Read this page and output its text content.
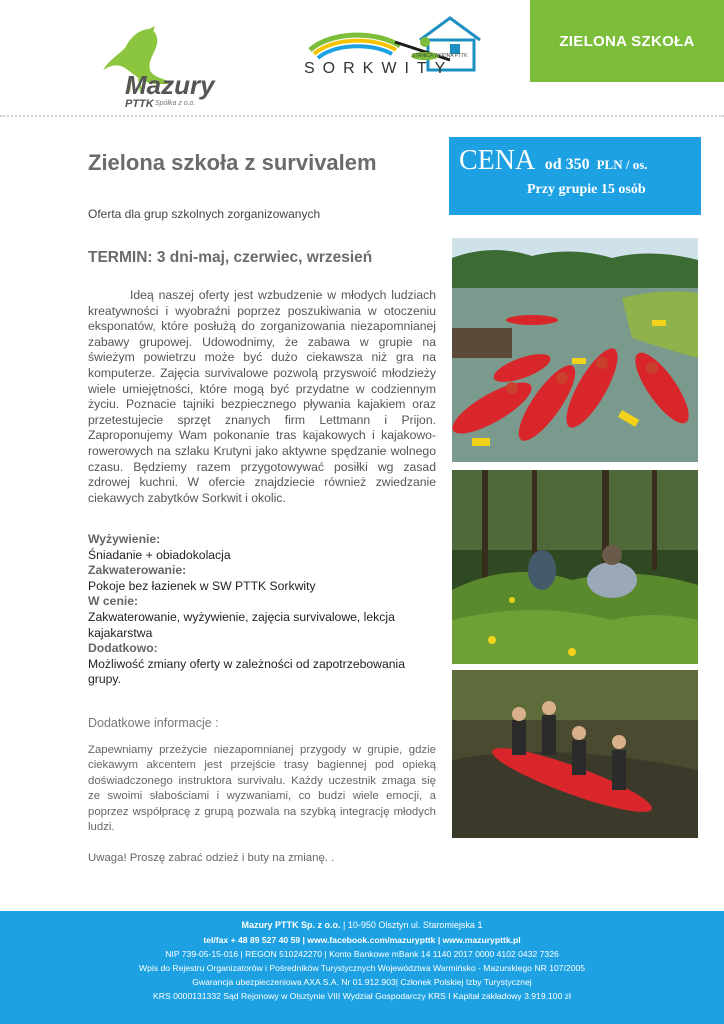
Mazury
PTTK Spółka z o.o.
STANICA WODNA PTTK
SORKWITY
ZIELONA SZKOŁA
Zielona szkoła z survivalem
Oferta dla grup szkolnych zorganizowanych
TERMIN: 3 dni-maj, czerwiec, wrzesień
CENA od 350 PLN / os.
Przy grupie 15 osób
Ideą naszej oferty jest wzbudzenie w młodych ludziach kreatywności i wyobraźni poprzez poszukiwania w otoczeniu eksponatów, które posłużą do zorganizowania niezapomnianej zabawy grupowej. Udowodnimy, że zabawa w grupie na świeżym powietrzu może być dużo ciekawsza niż gra na komputerze. Zajęcia survivalowe pozwolą przyswoić młodzieży wiele umiejętności, które mogą być przydatne w codziennym życiu. Poznacie tajniki bezpiecznego pływania kajakiem oraz przetestujecie sprzęt znanych firm Lettmann i Prijon. Zaproponujemy Wam pokonanie tras kajakowych i kajakowo-rowerowych na szlaku Krutyni jako aktywne spędzanie wolnego czasu. Będziemy razem przygotowywać posiłki wg zasad zdrowej kuchni. W ofercie znajdziecie również zwiedzanie ciekawych zabytków Sorkwit i okolic.
Wyżywienie:
Śniadanie + obiadokolacja
Zakwaterowanie:
Pokoje bez łazienek w SW PTTK Sorkwity
W cenie:
Zakwaterowanie, wyżywienie, zajęcia survivalowe, lekcja kajakarstwa
Dodatkowo:
Możliwość zmiany oferty w zależności od zapotrzebowania grupy.
Dodatkowe informacje :
Zapewniamy przeżycie niezapomnianej przygody w grupie, gdzie ciekawym akcentem jest przejście trasy bagiennej pod opieką doświadczonego instruktora survivalu. Każdy uczestnik zmaga się ze swoimi słabościami i wyzwaniami, co budzi wiele emocji, a poprzez współpracę z grupą pozwala na szybką integrację młodych ludzi.
Uwaga! Proszę zabrać odzież i buty na zmianę. .
Mazury PTTK Sp. z o.o. | 10-950 Olsztyn ul. Staromiejska 1
tel/fax + 48 89 527 40 59 | www.facebook.com/mazurypttk | www.mazurypttk.pl
NIP 739-05-15-016 | REGON 510242270 | Konto Bankowe mBank 14 1140 2017 0000 4102 0432 7326
Wpis do Rejestru Organizatorów i Pośredników Turystycznych Województwa Warmińsko - Mazurskiego NR 107/2005
Gwarancja ubezpieczeniowa AXA S.A. Nr 01.912.903| Członek Polskiej Izby Turystycznej
KRS 0000131332 Sąd Rejonowy w Olsztynie VIII Wydział Gospodarczy KRS I Kapitał zakładowy 3.919.100 zł
